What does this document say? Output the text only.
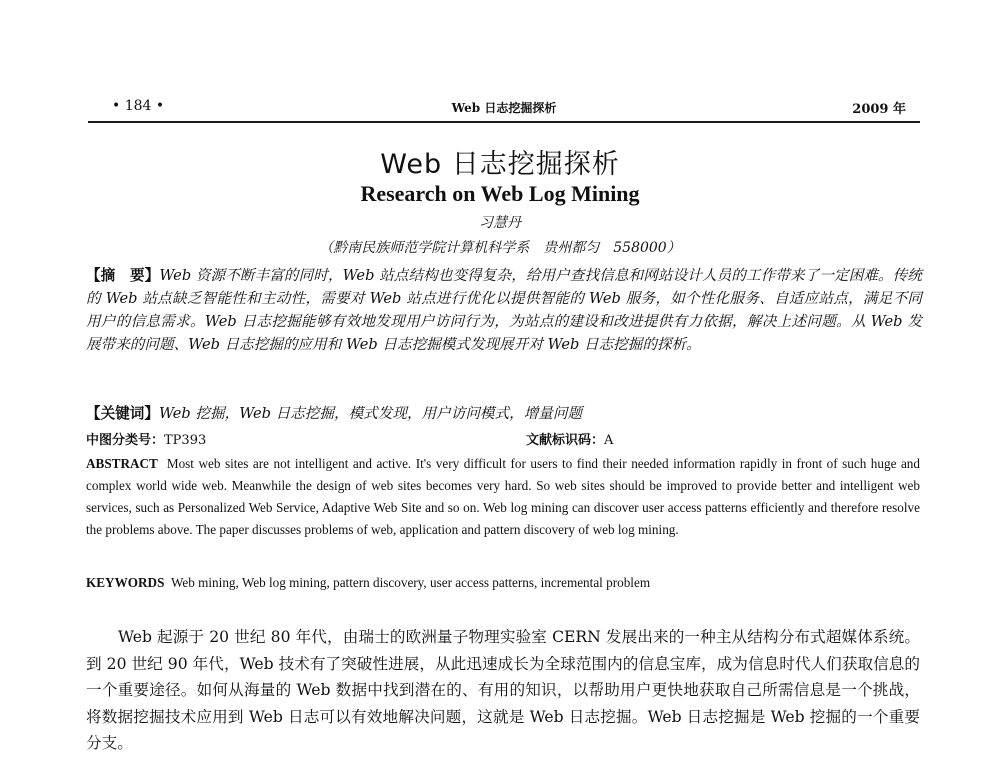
• 184 •	Web 日志挖掘探析	2009 年
Web 日志挖掘探析
Research on Web Log Mining
习慧丹
（黔南民族师范学院计算机科学系　贵州都匀　558000）
【摘　要】Web 资源不断丰富的同时，Web 站点结构也变得复杂，给用户查找信息和网站设计人员的工作带来了一定困难。传统的 Web 站点缺乏智能性和主动性，需要对 Web 站点进行优化以提供智能的 Web 服务，如个性化服务、自适应站点，满足不同用户的信息需求。Web 日志挖掘能够有效地发现用户访问行为，为站点的建设和改进提供有力依据，解决上述问题。从 Web 发展带来的问题、Web 日志挖掘的应用和 Web 日志挖掘模式发现展开对 Web 日志挖掘的探析。
【关键词】Web 挖掘，Web 日志挖掘，模式发现，用户访问模式，增量问题
中图分类号：TP393	文献标识码：A
ABSTRACT Most web sites are not intelligent and active. It's very difficult for users to find their needed information rapidly in front of such huge and complex world wide web. Meanwhile the design of web sites becomes very hard. So web sites should be improved to provide better and intelligent web services, such as Personalized Web Service, Adaptive Web Site and so on. Web log mining can discover user access patterns efficiently and therefore resolve the problems above. The paper discusses problems of web, application and pattern discovery of web log mining.
KEYWORDS Web mining, Web log mining, pattern discovery, user access patterns, incremental problem
Web 起源于 20 世纪 80 年代，由瑞士的欧洲量子物理实验室 CERN 发展出来的一种主从结构分布式超媒体系统。到 20 世纪 90 年代，Web 技术有了突破性进展，从此迅速成长为全球范围内的信息宝库，成为信息时代人们获取信息的一个重要途径。如何从海量的 Web 数据中找到潜在的、有用的知识，以帮助用户更快地获取自己所需信息是一个挑战，将数据挖掘技术应用到 Web 日志可以有效地解决问题，这就是 Web 日志挖掘。Web 日志挖掘是 Web 挖掘的一个重要分支。
